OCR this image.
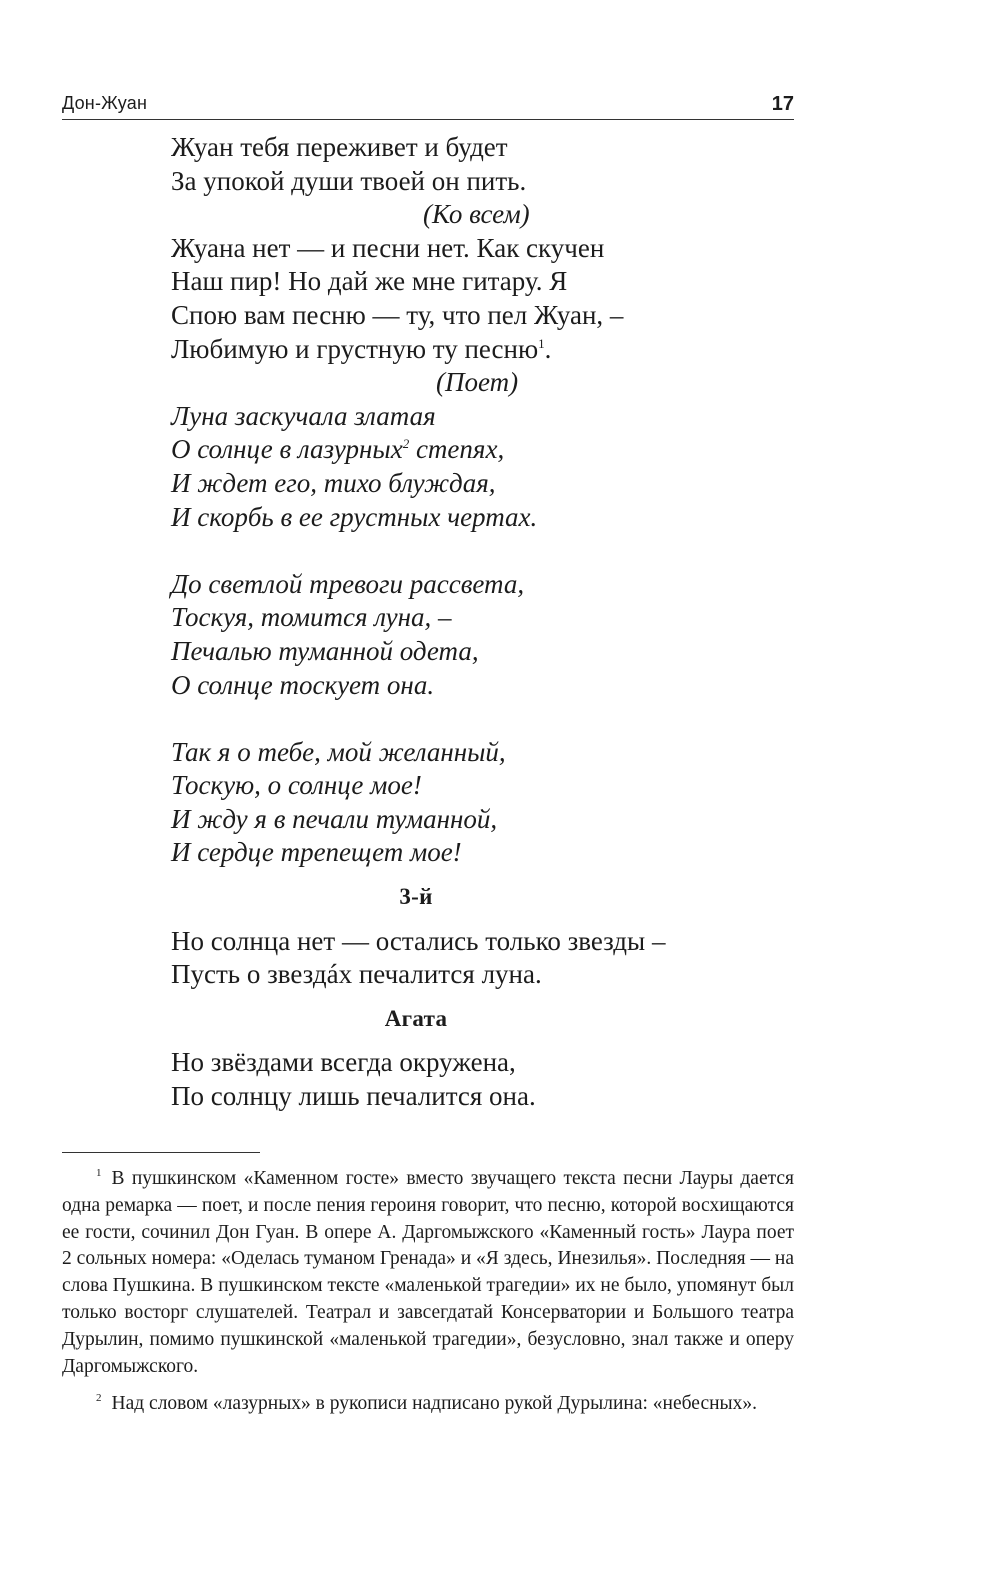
Дон-Жуан	17
Жуан тебя переживет и будет
За упокой души твоей он пить.
(Ко всем)
Жуана нет — и песни нет. Как скучен
Наш пир! Но дай же мне гитару. Я
Спою вам песню — ту, что пел Жуан, –
Любимую и грустную ту песню$^1$.
(Поет)
Луна заскучала златая
О солнце в лазурных$^2$ степях,
И ждет его, тихо блуждая,
И скорбь в ее грустных чертах.
До светлой тревоги рассвета,
Тоскуя, томится луна, –
Печалью туманной одета,
О солнце тоскует она.
Так я о тебе, мой желанный,
Тоскую, о солнце мое!
И жду я в печали туманной,
И сердце трепещет мое!
3-й
Но солнца нет — остались только звезды –
Пусть о звездáх печалится луна.
Агата
Но звёздами всегда окружена,
По солнцу лишь печалится она.

$^1$ В пушкинском «Каменном госте» вместо звучащего текста песни Лауры дается одна ремарка — поет, и после пения героиня говорит, что песню, которой восхищаются ее гости, сочинил Дон Гуан. В опере А. Даргомыжского «Каменный гость» Лаура поет 2 сольных номера: «Оделась туманом Гренада» и «Я здесь, Инезилья». Последняя — на слова Пушкина. В пушкинском тексте «маленькой трагедии» их не было, упомянут был только восторг слушателей. Театрал и завсегдатай Консерватории и Большого театра Дурылин, помимо пушкинской «маленькой трагедии», безусловно, знал также и оперу Даргомыжского.

$^2$ Над словом «лазурных» в рукописи надписано рукой Дурылина: «небесных».
